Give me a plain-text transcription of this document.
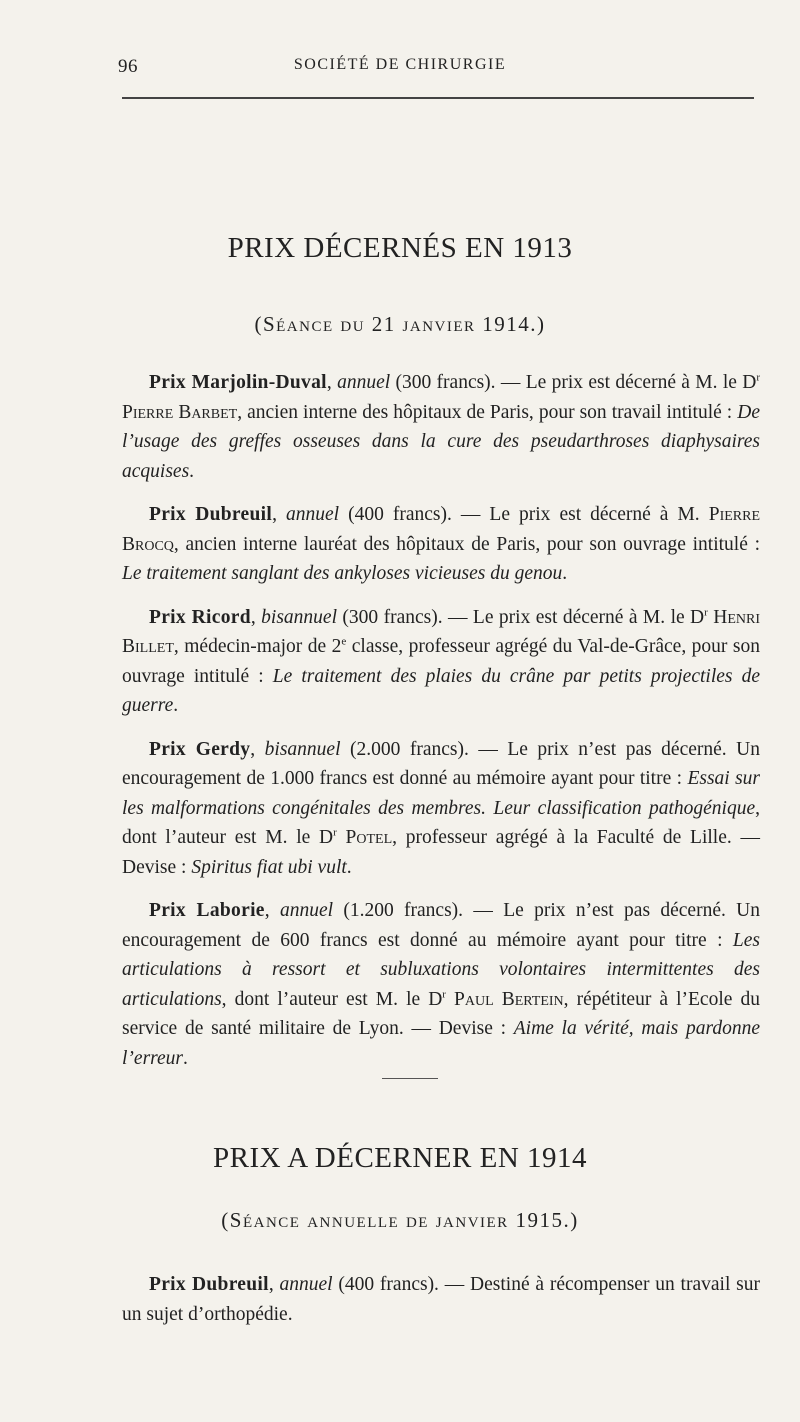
96	SOCIÉTÉ DE CHIRURGIE
PRIX DÉCERNÉS EN 1913
(Séance du 21 janvier 1914.)

Prix Marjolin-Duval, annuel (300 francs). — Le prix est décerné à M. le $D^r$ Pierre Barbet, ancien interne des hôpitaux de Paris, pour son travail intitulé : De l’usage des greffes osseuses dans la cure des pseudarthroses diaphysaires acquises.

Prix Dubreuil, annuel (400 francs). — Le prix est décerné à M. Pierre Brocq, ancien interne lauréat des hôpitaux de Paris, pour son ouvrage intitulé : Le traitement sanglant des ankyloses vicieuses du genou.

Prix Ricord, bisannuel (300 francs). — Le prix est décerné à M. le $D^r$ Henri Billet, médecin-major de 2e classe, professeur agrégé du Val-de-Grâce, pour son ouvrage intitulé : Le traitement des plaies du crâne par petits projectiles de guerre.

Prix Gerdy, bisannuel (2.000 francs). — Le prix n’est pas décerné. Un encouragement de 1.000 francs est donné au mémoire ayant pour titre : Essai sur les malformations congénitales des membres. Leur classification pathogénique, dont l’auteur est M. le $D^r$ Potel, professeur agrégé à la Faculté de Lille. — Devise : Spiritus fiat ubi vult.

Prix Laborie, annuel (1.200 francs). — Le prix n’est pas décerné. Un encouragement de 600 francs est donné au mémoire ayant pour titre : Les articulations à ressort et subluxations volontaires intermittentes des articulations, dont l’auteur est M. le $D^r$ Paul Bertein, répétiteur à l’Ecole du service de santé militaire de Lyon. — Devise : Aime la vérité, mais pardonne l’erreur.

PRIX A DÉCERNER EN 1914
(Séance annuelle de janvier 1915.)

Prix Dubreuil, annuel (400 francs). — Destiné à récompenser un travail sur un sujet d’orthopédie.
